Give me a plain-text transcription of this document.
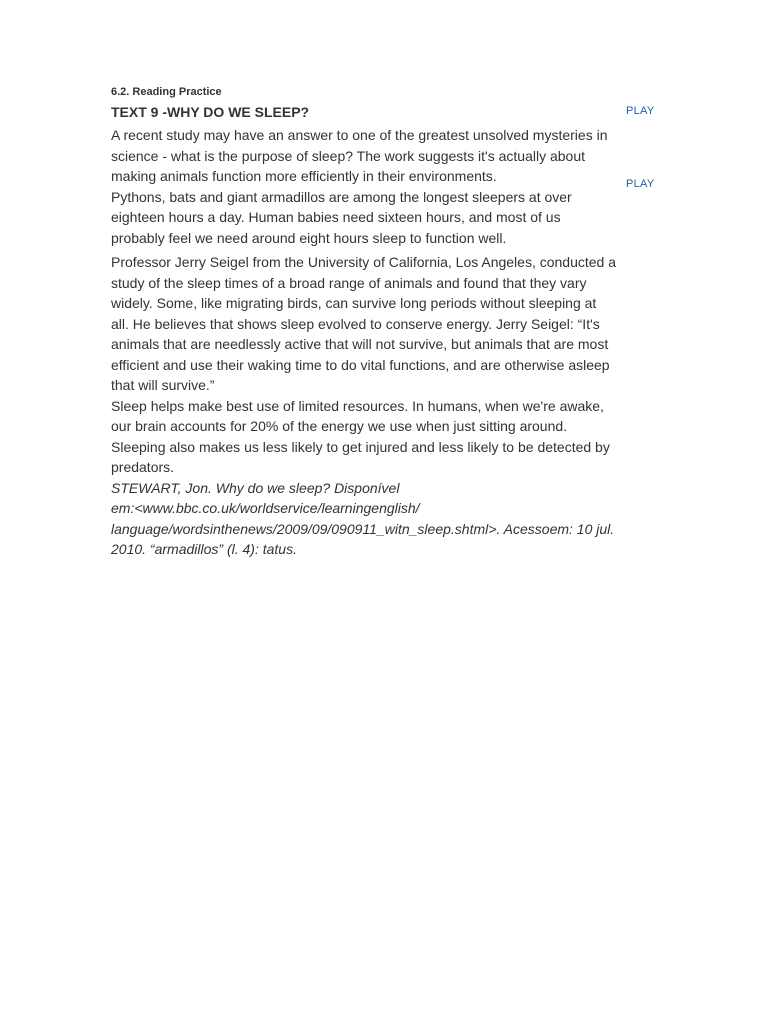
6.2. Reading Practice

TEXT 9 -WHY DO WE SLEEP?

A recent study may have an answer to one of the greatest unsolved mysteries in
science - what is the purpose of sleep? The work suggests it's actually about
making animals function more efficiently in their environments.

Pythons, bats and giant armadillos are among the longest sleepers at over
eighteen hours a day. Human babies need sixteen hours, and most of us
probably feel we need around eight hours sleep to function well.

Professor Jerry Seigel from the University of California, Los Angeles, conducted a
study of the sleep times of a broad range of animals and found that they vary
widely. Some, like migrating birds, can survive long periods without sleeping at
all. He believes that shows sleep evolved to conserve energy. Jerry Seigel: “It's
animals that are needlessly active that will not survive, but animals that are most
efficient and use their waking time to do vital functions, and are otherwise asleep
that will survive.”

Sleep helps make best use of limited resources. In humans, when we're awake,
our brain accounts for 20% of the energy we use when just sitting around.
Sleeping also makes us less likely to get injured and less likely to be detected by
predators.

STEWART, Jon. Why do we sleep? Disponível
em:<www.bbc.co.uk/worldservice/learningenglish/
language/wordsinthenews/2009/09/090911_witn_sleep.shtml>. Acessoem: 10 jul.
2010. “armadillos” (l. 4): tatus.

PLAY
PLAY
